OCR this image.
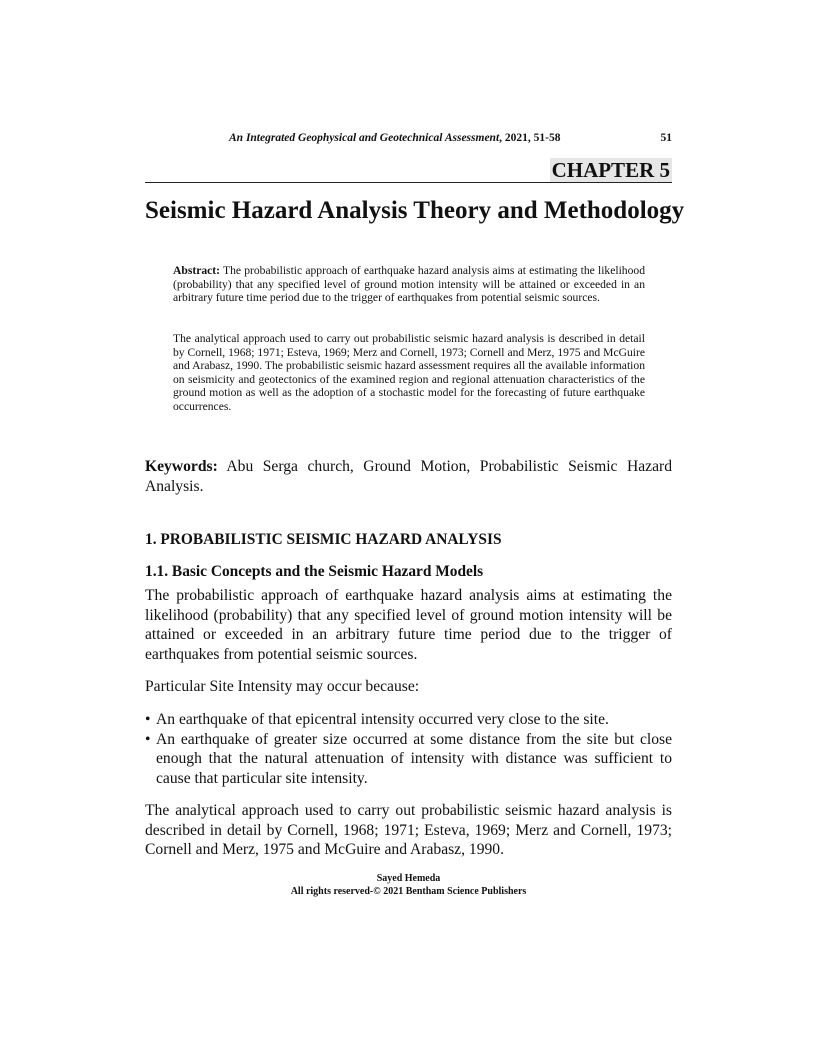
An Integrated Geophysical and Geotechnical Assessment, 2021, 51-58	51
CHAPTER 5
Seismic Hazard Analysis Theory and Methodology
Abstract: The probabilistic approach of earthquake hazard analysis aims at estimating the likelihood (probability) that any specified level of ground motion intensity will be attained or exceeded in an arbitrary future time period due to the trigger of earthquakes from potential seismic sources.
The analytical approach used to carry out probabilistic seismic hazard analysis is described in detail by Cornell, 1968; 1971; Esteva, 1969; Merz and Cornell, 1973; Cornell and Merz, 1975 and McGuire and Arabasz, 1990. The probabilistic seismic hazard assessment requires all the available information on seismicity and geotectonics of the examined region and regional attenuation characteristics of the ground motion as well as the adoption of a stochastic model for the forecasting of future earthquake occurrences.
Keywords: Abu Serga church, Ground Motion, Probabilistic Seismic Hazard Analysis.
1. PROBABILISTIC SEISMIC HAZARD ANALYSIS
1.1. Basic Concepts and the Seismic Hazard Models
The probabilistic approach of earthquake hazard analysis aims at estimating the likelihood (probability) that any specified level of ground motion intensity will be attained or exceeded in an arbitrary future time period due to the trigger of earthquakes from potential seismic sources.
Particular Site Intensity may occur because:
• An earthquake of that epicentral intensity occurred very close to the site.
• An earthquake of greater size occurred at some distance from the site but close enough that the natural attenuation of intensity with distance was sufficient to cause that particular site intensity.
The analytical approach used to carry out probabilistic seismic hazard analysis is described in detail by Cornell, 1968; 1971; Esteva, 1969; Merz and Cornell, 1973; Cornell and Merz, 1975 and McGuire and Arabasz, 1990.
Sayed Hemeda
All rights reserved-© 2021 Bentham Science Publishers
